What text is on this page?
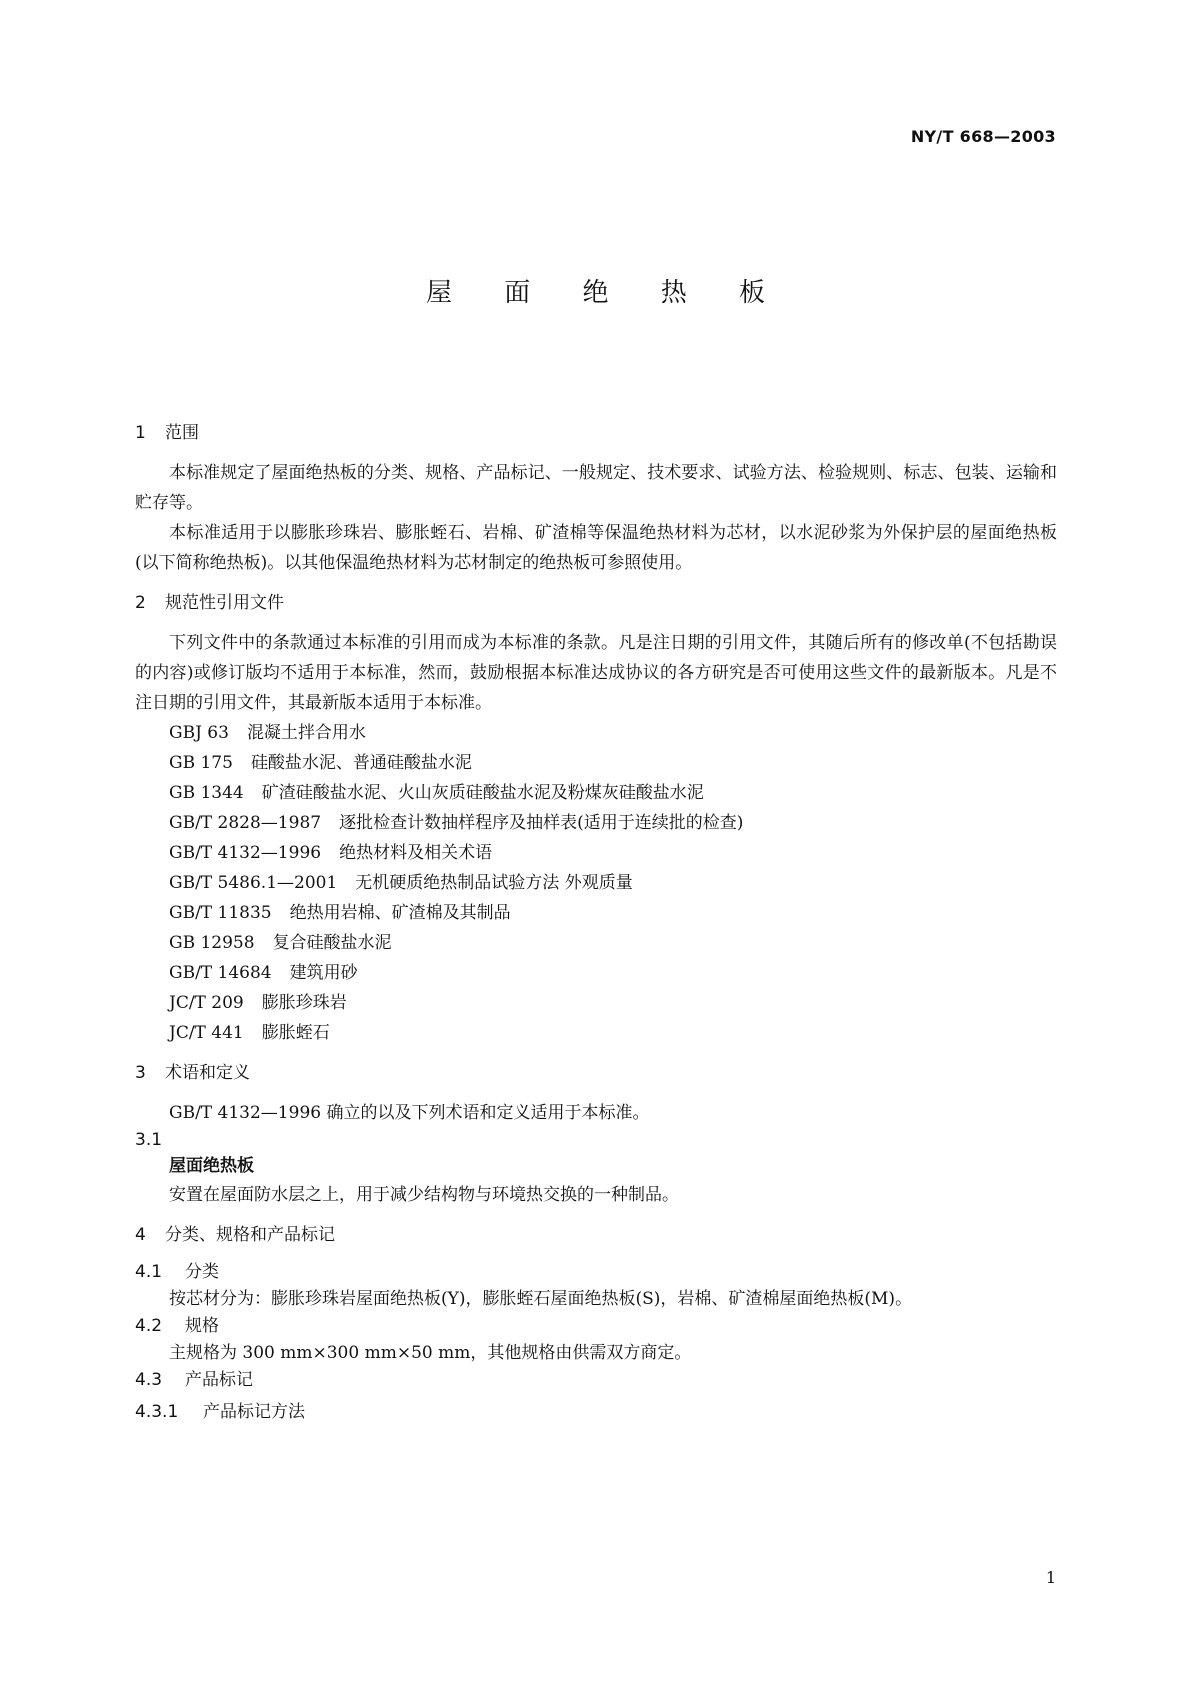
NY/T 668—2003
屋 面 绝 热 板
1 范围

本标准规定了屋面绝热板的分类、规格、产品标记、一般规定、技术要求、试验方法、检验规则、标志、包装、运输和贮存等。

本标准适用于以膨胀珍珠岩、膨胀蛭石、岩棉、矿渣棉等保温绝热材料为芯材，以水泥砂浆为外保护层的屋面绝热板(以下简称绝热板)。以其他保温绝热材料为芯材制定的绝热板可参照使用。

2 规范性引用文件

下列文件中的条款通过本标准的引用而成为本标准的条款。凡是注日期的引用文件，其随后所有的修改单(不包括勘误的内容)或修订版均不适用于本标准，然而，鼓励根据本标准达成协议的各方研究是否可使用这些文件的最新版本。凡是不注日期的引用文件，其最新版本适用于本标准。

GBJ 63 混凝土拌合用水
GB 175 硅酸盐水泥、普通硅酸盐水泥
GB 1344 矿渣硅酸盐水泥、火山灰质硅酸盐水泥及粉煤灰硅酸盐水泥
GB/T 2828—1987 逐批检查计数抽样程序及抽样表(适用于连续批的检查)
GB/T 4132—1996 绝热材料及相关术语
GB/T 5486.1—2001 无机硬质绝热制品试验方法 外观质量
GB/T 11835 绝热用岩棉、矿渣棉及其制品
GB 12958 复合硅酸盐水泥
GB/T 14684 建筑用砂
JC/T 209 膨胀珍珠岩
JC/T 441 膨胀蛭石
3 术语和定义

GB/T 4132—1996 确立的以及下列术语和定义适用于本标准。

3.1
屋面绝热板
安置在屋面防水层之上，用于减少结构物与环境热交换的一种制品。
4 分类、规格和产品标记
4.1 分类
按芯材分为：膨胀珍珠岩屋面绝热板(Y)，膨胀蛭石屋面绝热板(S)，岩棉、矿渣棉屋面绝热板(M)。
4.2 规格
主规格为 300 mm×300 mm×50 mm，其他规格由供需双方商定。
4.3 产品标记
4.3.1 产品标记方法
1
